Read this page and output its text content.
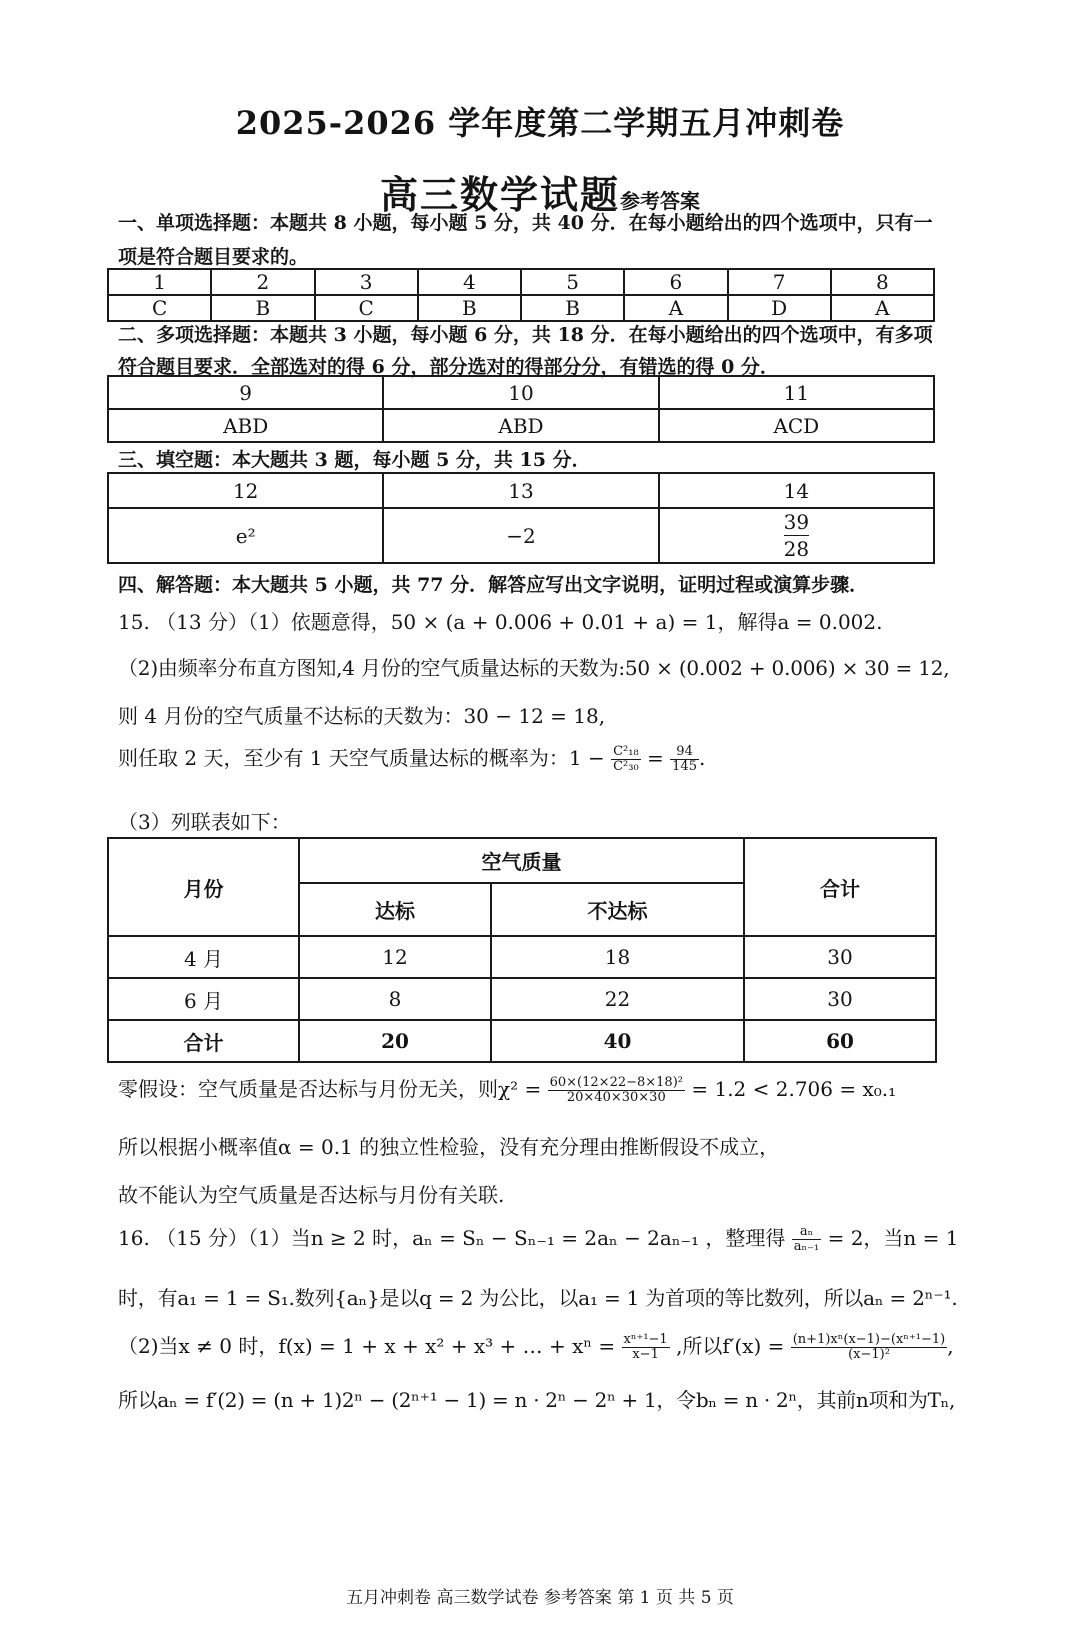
2025-2026 学年度第二学期五月冲刺卷
高三数学试题参考答案
一、单项选择题：本题共 8 小题，每小题 5 分，共 40 分．在每小题给出的四个选项中，只有一
项是符合题目要求的。
1	2	3	4	5	6	7	8
C	B	C	B	B	A	D	A
二、多项选择题：本题共 3 小题，每小题 6 分，共 18 分．在每小题给出的四个选项中，有多项
符合题目要求．全部选对的得 6 分，部分选对的得部分分，有错选的得 0 分．
9	10	11
ABD	ABD	ACD
三、填空题：本大题共 3 题，每小题 5 分，共 15 分．
12	13	14
e²	−2	$\frac{39}{28}$
四、解答题：本大题共 5 小题，共 77 分．解答应写出文字说明，证明过程或演算步骤．
15. （13 分）（1）依题意得，50 × (a + 0.006 + 0.01 + a) = 1，解得a = 0.002.
（2)由频率分布直方图知,4 月份的空气质量达标的天数为:50 × (0.002 + 0.006) × 30 = 12,
则 4 月份的空气质量不达标的天数为：30 − 12 = 18,
则任取 2 天，至少有 1 天空气质量达标的概率为：$1 - \frac{\text{C²₁₈}}{\text{C²₃₀}} = \frac{94}{145}$ .
（3）列联表如下：
月份	空气质量		合计
	达标	不达标	
4 月	12	18	30
6 月	8	22	30
合计	20	40	60
零假设：空气质量是否达标与月份无关，则$\chi^2 = \frac{\text{60×(12×22−8×18)²}}{20\times 40\times 30\times 30} = 1.2 < 2.706 = x_0._1$
所以根据小概率值α = 0.1 的独立性检验，没有充分理由推断假设不成立，
故不能认为空气质量是否达标与月份有关联.
16. （15 分）（1）当n ≥ 2 时，aₙ = Sₙ − Sₙ₋₁ = 2aₙ − 2aₙ₋₁ ，整理得 $\frac{\text{aₙ}}{\text{aₙ₋₁}} = 2$，当n = 1
时，有a₁ = 1 = S₁.数列{aₙ}是以q = 2 为公比，以a₁ = 1 为首项的等比数列，所以aₙ = 2ⁿ⁻¹.
（2)当x ≠ 0 时，f(x) = 1 + x + x² + x³ + … + $x^n = \frac{\text{xⁿ⁺¹−1}}{x-1}$ ,所以$f'(x) = \frac{\text{(n+1)xⁿ(x−1)−(xⁿ⁺¹−1)}}{\text{(x−1)²}}$ ,
所以aₙ = f′(2) = (n + 1)2ⁿ − (2ⁿ⁺¹ − 1) = n · 2ⁿ − 2ⁿ + 1，令bₙ = n · 2ⁿ，其前n项和为Tₙ,
五月冲刺卷 高三数学试卷 参考答案 第 1 页 共 5 页
